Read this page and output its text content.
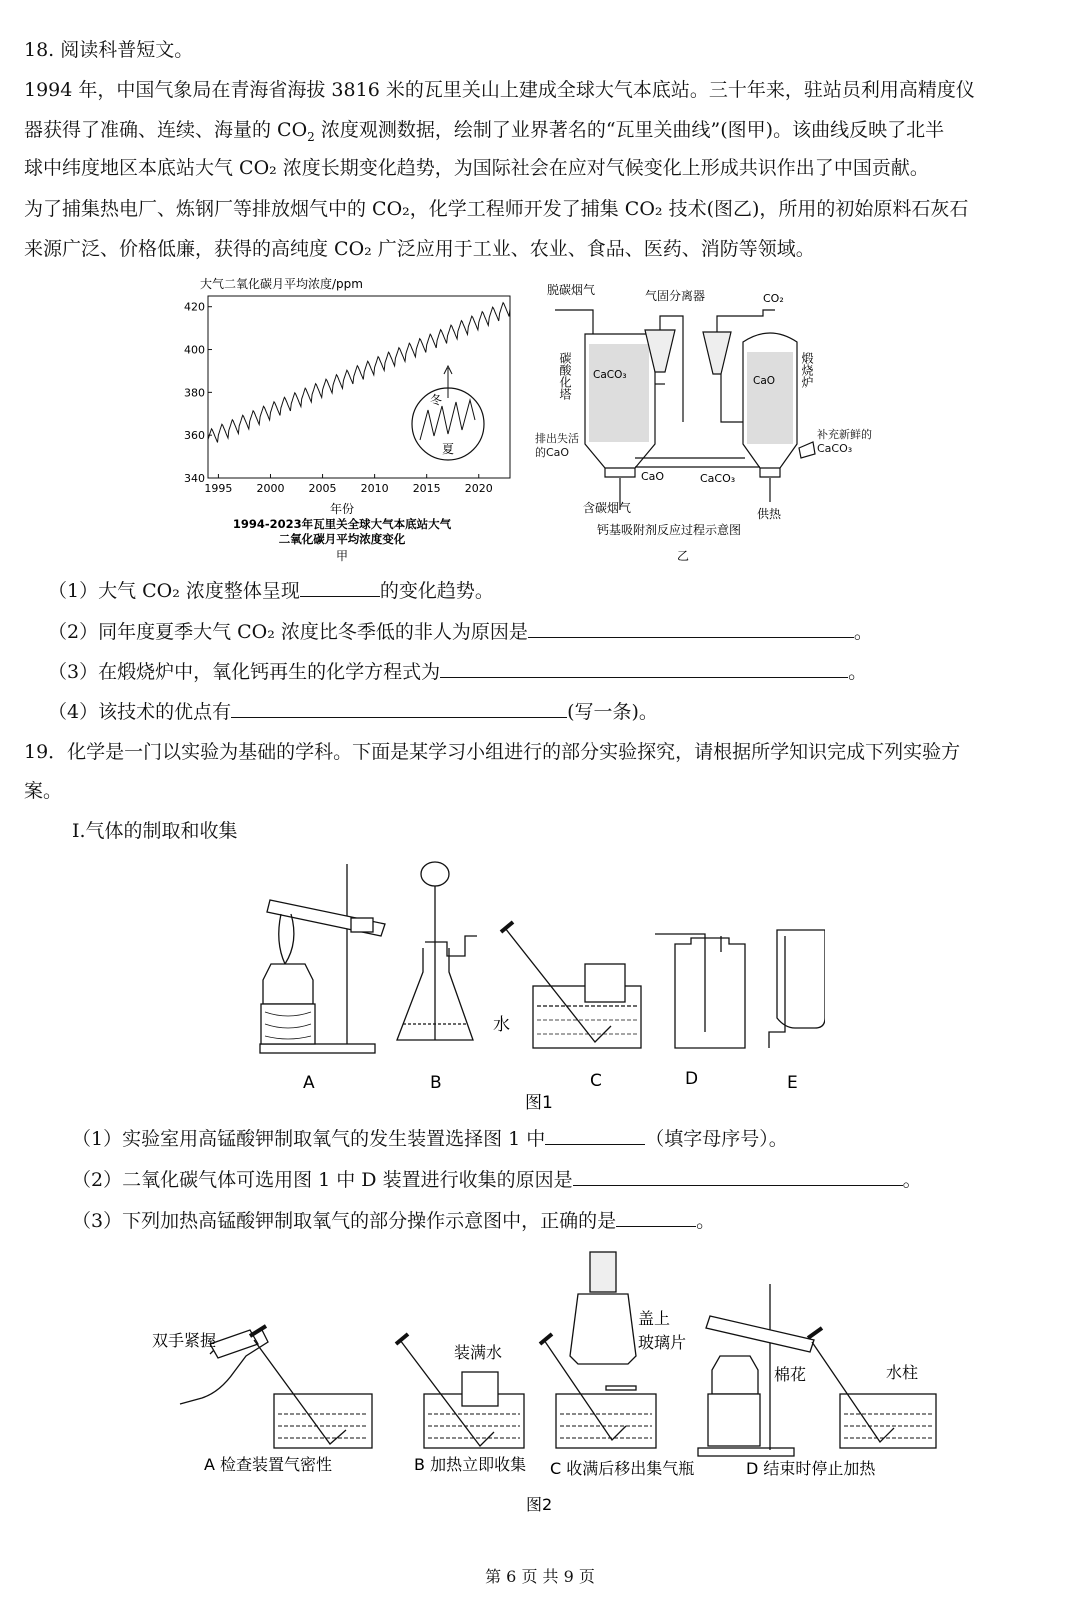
18. 阅读科普短文。
1994 年，中国气象局在青海省海拔 3816 米的瓦里关山上建成全球大气本底站。三十年来，驻站员利用高精度仪
器获得了准确、连续、海量的 $CO_2$ 浓度观测数据，绘制了业界著名的“瓦里关曲线”(图甲)。该曲线反映了北半
球中纬度地区本底站大气 CO₂ 浓度长期变化趋势，为国际社会在应对气候变化上形成共识作出了中国贡献。
为了捕集热电厂、炼钢厂等排放烟气中的 CO₂，化学工程师开发了捕集 CO₂ 技术(图乙)，所用的初始原料石灰石
来源广泛、价格低廉，获得的高纯度 CO₂ 广泛应用于工业、农业、食品、医药、消防等领域。
大气二氧化碳月平均浓度/ppm
340
360
380
400
420
1995 2000 2005 2010 2015 2020
冬
夏
年份
1994-2023年瓦里关全球大气本底站大气
二氧化碳月平均浓度变化
甲
脱碳烟气	气固分离器	CO₂
碳酸化塔	煅烧炉
CaCO₃	CaO
排出失活的CaO
补充新鲜的CaCO₃
CaO	CaCO₃
含碳烟气	供热
钙基吸附剂反应过程示意图
乙
（1）大气 CO₂ 浓度整体呈现	的变化趋势。
（2）同年度夏季大气 CO₂ 浓度比冬季低的非人为原因是	。
（3）在煅烧炉中，氧化钙再生的化学方程式为	。
（4）该技术的优点有	(写一条)。
19．化学是一门以实验为基础的学科。下面是某学习小组进行的部分实验探究，请根据所学知识完成下列实验方
案。
Ⅰ.气体的制取和收集
水
A	B	C	D	E
图1
（1）实验室用高锰酸钾制取氧气的发生装置选择图 1 中	（填字母序号）。
（2）二氧化碳气体可选用图 1 中 D 装置进行收集的原因是	。
（3）下列加热高锰酸钾制取氧气的部分操作示意图中，正确的是	。
双手紧握
装满水
盖上
玻璃片
棉花	水柱
A 检查装置气密性	B 加热立即收集 C 收满后移出集气瓶	D 结束时停止加热
图2
第 6 页 共 9 页
